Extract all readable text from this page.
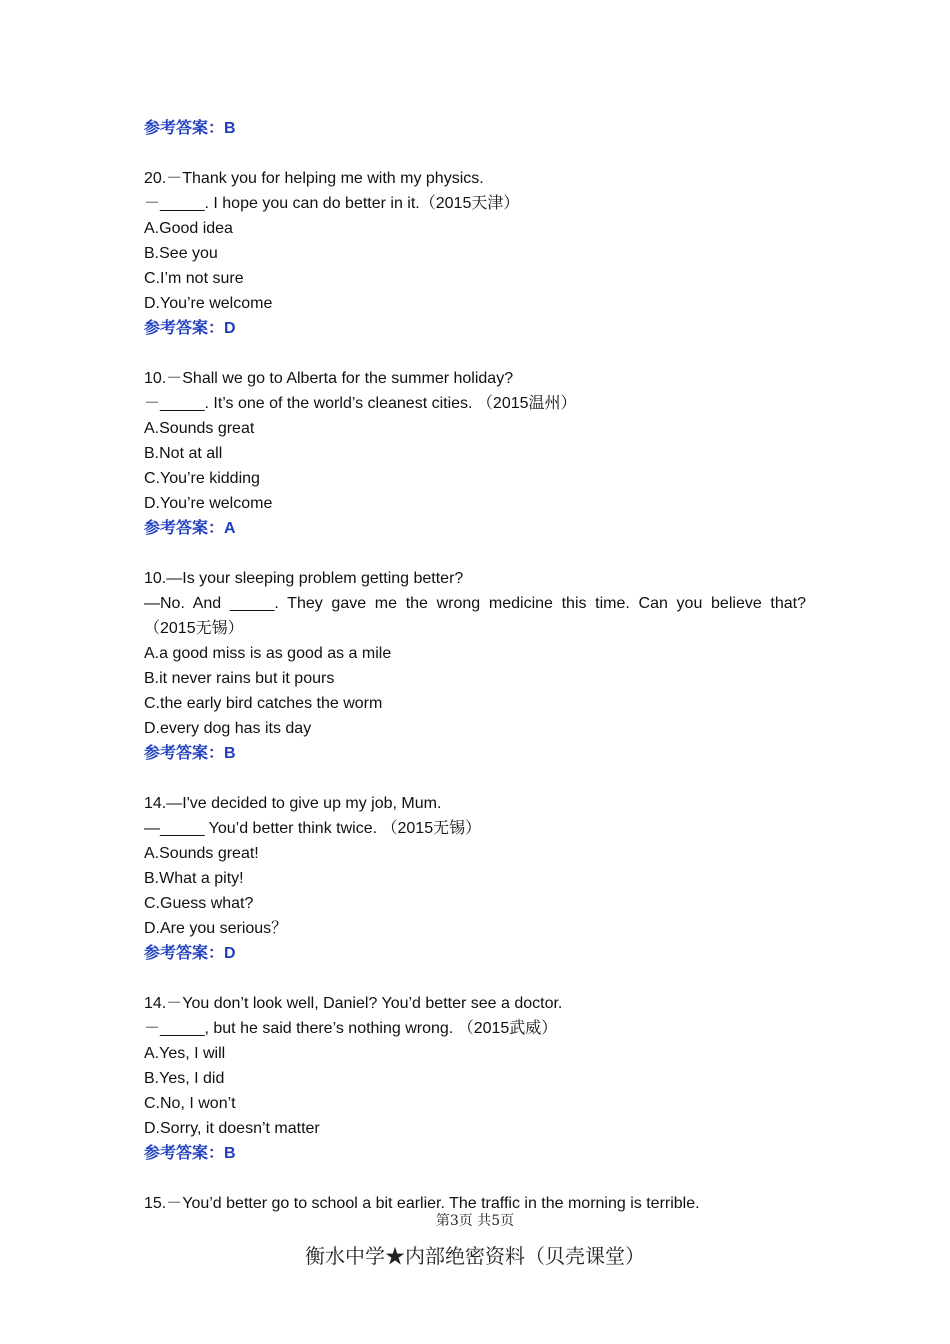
参考答案：B
20.－Thank you for helping me with my physics.
－_____. I hope you can do better in it.（2015天津）
A.Good idea
B.See you
C.I’m not sure
D.You’re welcome
参考答案：D
10.－Shall we go to Alberta for the summer holiday?
－_____. It’s one of the world’s cleanest cities. （2015温州）
A.Sounds great
B.Not at all
C.You’re kidding
D.You’re welcome
参考答案：A
10.—Is your sleeping problem getting better?
—No. And _____. They gave me the wrong medicine this time. Can you believe that?
（2015无锡）
A.a good miss is as good as a mile
B.it never rains but it pours
C.the early bird catches the worm
D.every dog has its day
参考答案：B
14.—I've decided to give up my job, Mum.
—_____ You’d better think twice. （2015无锡）
A.Sounds great!
B.What a pity!
C.Guess what?
D.Are you serious？
参考答案：D
14.－You don’t look well, Daniel? You’d better see a doctor.
－_____, but he said there’s nothing wrong. （2015武威）
A.Yes, I will
B.Yes, I did
C.No, I won’t
D.Sorry, it doesn’t matter
参考答案：B
15.－You’d better go to school a bit earlier. The traffic in the morning is terrible.
第3页 共5页
衡水中学★内部绝密资料（贝壳课堂）
